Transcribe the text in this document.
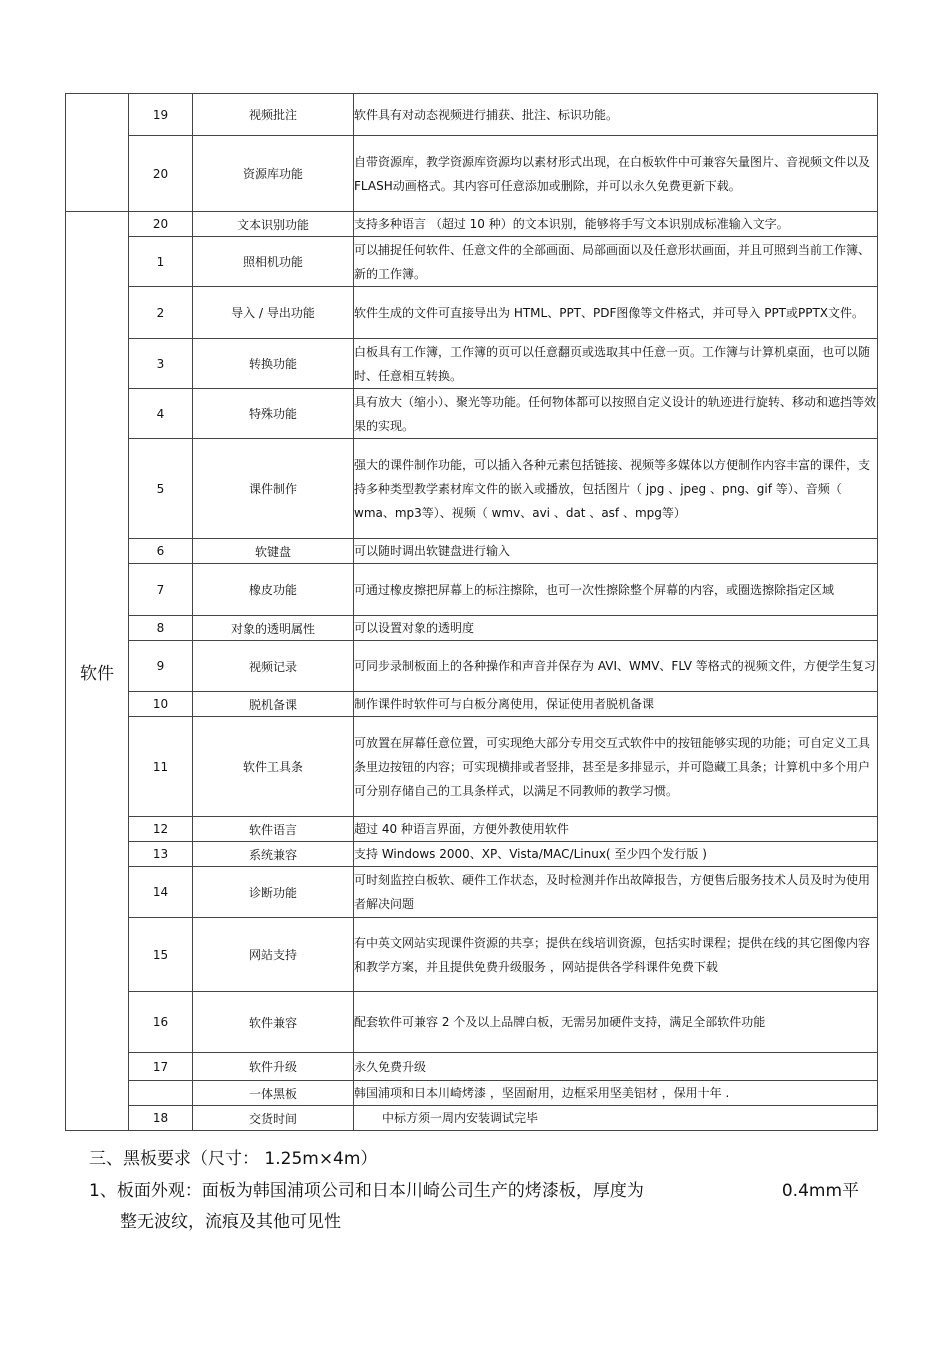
	19	视频批注	软件具有对动态视频进行捕获、批注、标识功能。
	20	资源库功能	自带资源库，教学资源库资源均以素材形式出现，在白板软件中可兼容矢量图片、音视频文件以及 FLASH动画格式。其内容可任意添加或删除，并可以永久免费更新下载。
软件	20	文本识别功能	支持多种语言 （超过 10 种）的文本识别，能够将手写文本识别成标准输入文字。
	1	照相机功能	可以捕捉任何软件、任意文件的全部画面、局部画面以及任意形状画面，并且可照到当前工作簿、新的工作簿。
	2	导入 / 导出功能	软件生成的文件可直接导出为 HTML、PPT、PDF图像等文件格式，并可导入 PPT或PPTX文件。
	3	转换功能	白板具有工作簿，工作簿的页可以任意翻页或选取其中任意一页。工作簿与计算机桌面，也可以随时、任意相互转换。
	4	特殊功能	具有放大（缩小）、聚光等功能。任何物体都可以按照自定义设计的轨迹进行旋转、移动和遮挡等效果的实现。
	5	课件制作	强大的课件制作功能，可以插入各种元素包括链接、视频等多媒体以方便制作内容丰富的课件，支持多种类型教学素材库文件的嵌入或播放，包括图片（ jpg 、jpeg 、png、gif 等）、音频（ wma、mp3等）、视频（ wmv、avi 、dat 、asf 、mpg等）
	6	软键盘	可以随时调出软键盘进行输入
	7	橡皮功能	可通过橡皮擦把屏幕上的标注擦除，也可一次性擦除整个屏幕的内容，或圈选擦除指定区域
	8	对象的透明属性	可以设置对象的透明度
	9	视频记录	可同步录制板面上的各种操作和声音并保存为 AVI、WMV、FLV 等格式的视频文件，方便学生复习
	10	脱机备课	制作课件时软件可与白板分离使用，保证使用者脱机备课
	11	软件工具条	可放置在屏幕任意位置，可实现绝大部分专用交互式软件中的按钮能够实现的功能；可自定义工具条里边按钮的内容；可实现横排或者竖排，甚至是多排显示，并可隐藏工具条；计算机中多个用户可分别存储自己的工具条样式，以满足不同教师的教学习惯。
	12	软件语言	超过 40 种语言界面，方便外教使用软件
	13	系统兼容	支持 Windows 2000、XP、Vista/MAC/Linux( 至少四个发行版 )
	14	诊断功能	可时刻监控白板软、硬件工作状态，及时检测并作出故障报告，方便售后服务技术人员及时为使用者解决问题
	15	网站支持	有中英文网站实现课件资源的共享；提供在线培训资源，包括实时课程；提供在线的其它图像内容和教学方案，并且提供免费升级服务 ，网站提供各学科课件免费下载
	16	软件兼容	配套软件可兼容 2 个及以上品牌白板，无需另加硬件支持，满足全部软件功能
	17	软件升级	永久免费升级
		一体黑板	韩国浦项和日本川崎烤漆 ，坚固耐用，边框采用坚美铝材 ，保用十年 .
	18	交货时间	中标方须一周内安装调试完毕
三、黑板要求（尺寸： 1.25m×4m）
1、板面外观：面板为韩国浦项公司和日本川崎公司生产的烤漆板，厚度为	0.4mm平
整无波纹，流痕及其他可见性
